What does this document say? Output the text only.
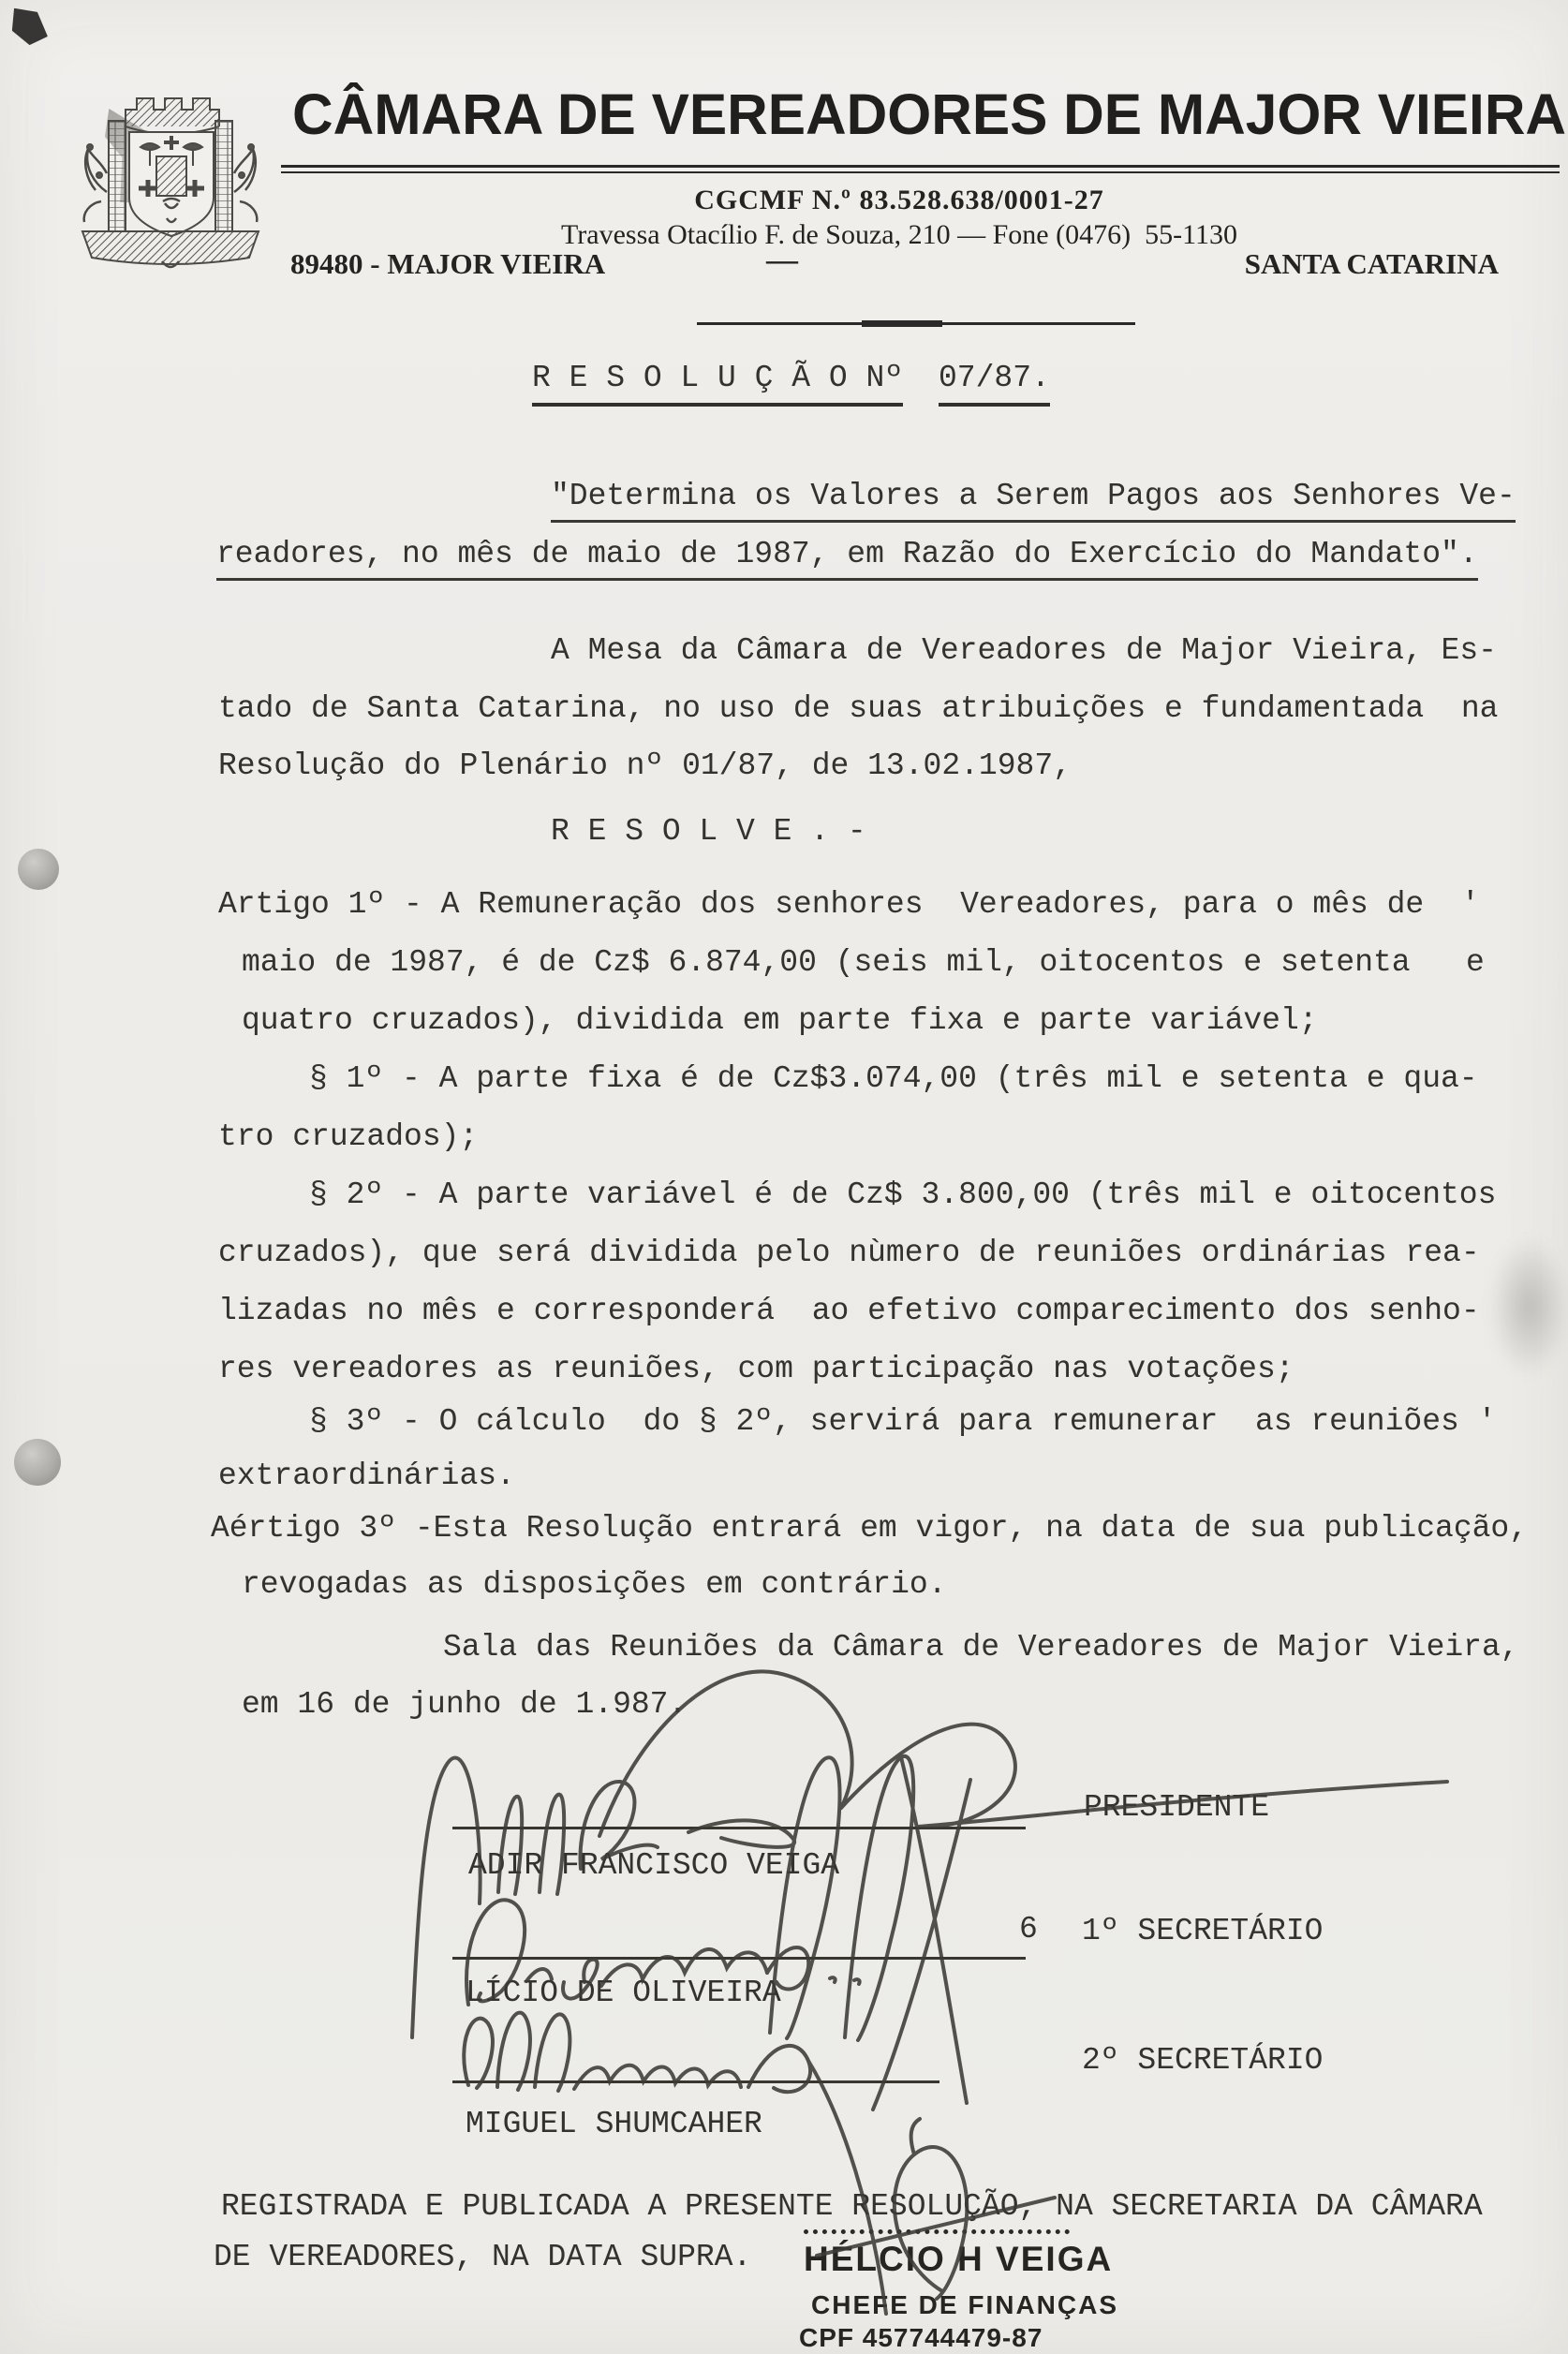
CÂMARA DE VEREADORES DE MAJOR VIEIRA
CGCMF N.º 83.528.638/0001-27
Travessa Otacílio F. de Souza, 210 — Fone (0476)  55-1130
89480 - MAJOR VIEIRA	—	SANTA CATARINA
R E S O L U Ç Ã O Nº 07/87.
"Determina os Valores a Serem Pagos aos Senhores Ve-
readores, no mês de maio de 1987, em Razão do Exercício do Mandato".
A Mesa da Câmara de Vereadores de Major Vieira, Es-
tado de Santa Catarina, no uso de suas atribuições e fundamentada  na
Resolução do Plenário nº 01/87, de 13.02.1987,
R E S O L V E . -
Artigo 1º - A Remuneração dos senhores  Vereadores, para o mês de  '
maio de 1987, é de Cz$ 6.874,00 (seis mil, oitocentos e setenta   e
quatro cruzados), dividida em parte fixa e parte variável;
§ 1º - A parte fixa é de Cz$3.074,00 (três mil e setenta e qua-
tro cruzados);
§ 2º - A parte variável é de Cz$ 3.800,00 (três mil e oitocentos
cruzados), que será dividida pelo nùmero de reuniões ordinárias rea-
lizadas no mês e corresponderá  ao efetivo comparecimento dos senho-
res vereadores as reuniões, com participação nas votações;
§ 3º - O cálculo  do § 2º, servirá para remunerar  as reuniões '
extraordinárias.
Aértigo 3º -Esta Resolução entrará em vigor, na data de sua publicação,
revogadas as disposições em contrário.
Sala das Reuniões da Câmara de Vereadores de Major Vieira,
em 16 de junho de 1.987.
PRESIDENTE
ADIR FRANCISCO VEIGA
6 1º SECRETÁRIO
LÍCIO DE OLIVEIRA
2º SECRETÁRIO
MIGUEL SHUMCAHER
REGISTRADA E PUBLICADA A PRESENTE RESOLUÇÃO, NA SECRETARIA DA CÂMARA
DE VEREADORES, NA DATA SUPRA. HÉLCIO H VEIGA
CHEFE DE FINANÇAS
CPF 457744479-87
